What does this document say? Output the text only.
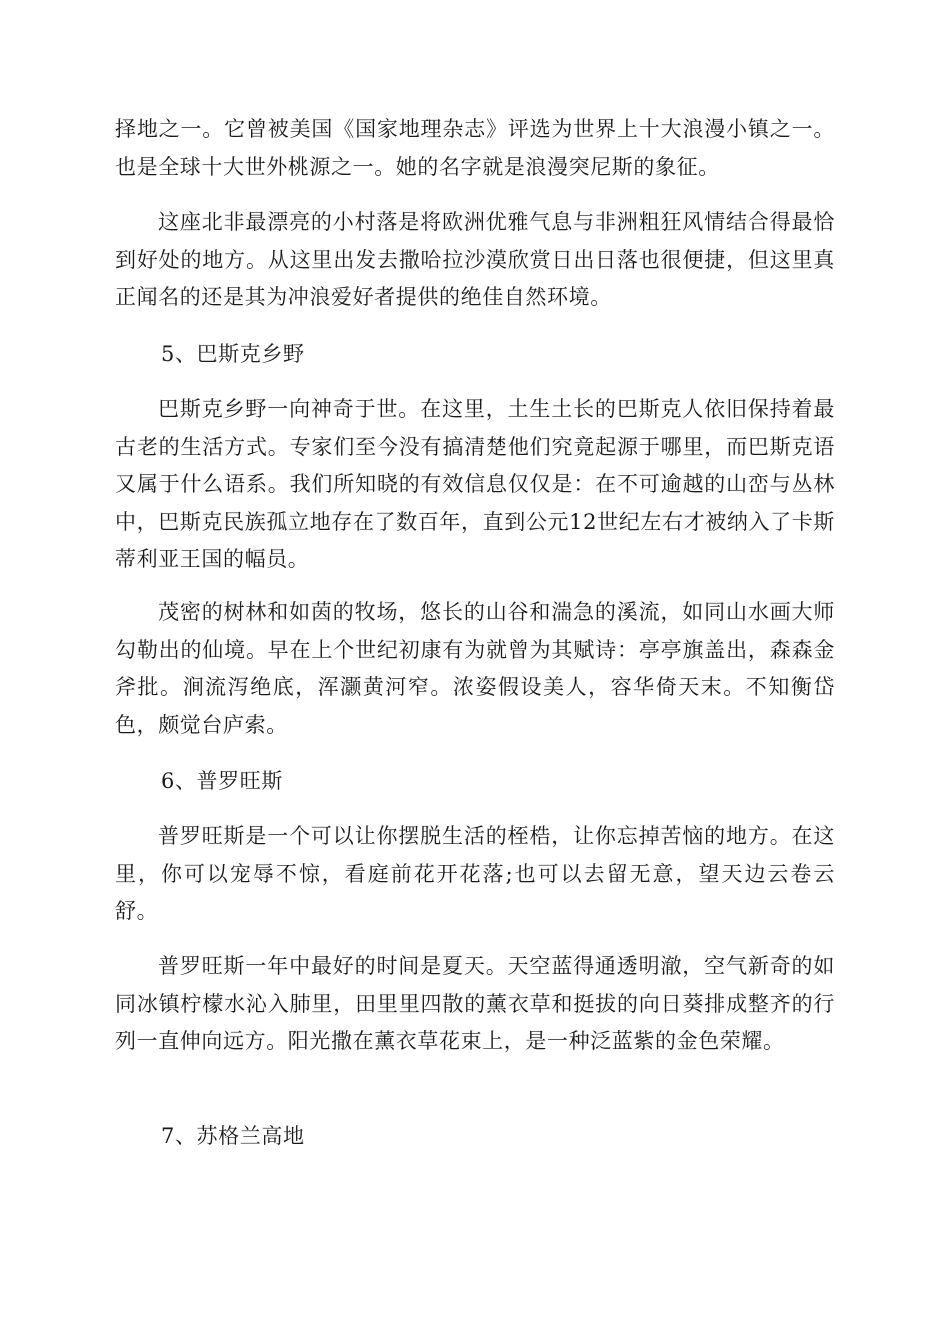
择地之一。它曾被美国《国家地理杂志》评选为世界上十大浪漫小镇之一。也是全球十大世外桃源之一。她的名字就是浪漫突尼斯的象征。

这座北非最漂亮的小村落是将欧洲优雅气息与非洲粗狂风情结合得最恰到好处的地方。从这里出发去撒哈拉沙漠欣赏日出日落也很便捷，但这里真正闻名的还是其为冲浪爱好者提供的绝佳自然环境。

5、巴斯克乡野

巴斯克乡野一向神奇于世。在这里，土生土长的巴斯克人依旧保持着最古老的生活方式。专家们至今没有搞清楚他们究竟起源于哪里，而巴斯克语又属于什么语系。我们所知晓的有效信息仅仅是：在不可逾越的山峦与丛林中，巴斯克民族孤立地存在了数百年，直到公元12世纪左右才被纳入了卡斯蒂利亚王国的幅员。

茂密的树林和如茵的牧场，悠长的山谷和湍急的溪流，如同山水画大师勾勒出的仙境。早在上个世纪初康有为就曾为其赋诗：亭亭旗盖出，森森金斧批。涧流泻绝底，浑灏黄河窄。浓姿假设美人，容华倚天末。不知衡岱色，颇觉台庐索。

6、普罗旺斯

普罗旺斯是一个可以让你摆脱生活的桎梏，让你忘掉苦恼的地方。在这里，你可以宠辱不惊，看庭前花开花落;也可以去留无意，望天边云卷云舒。

普罗旺斯一年中最好的时间是夏天。天空蓝得通透明澈，空气新奇的如同冰镇柠檬水沁入肺里，田里里四散的薰衣草和挺拔的向日葵排成整齐的行列一直伸向远方。阳光撒在薰衣草花束上，是一种泛蓝紫的金色荣耀。

7、苏格兰高地
